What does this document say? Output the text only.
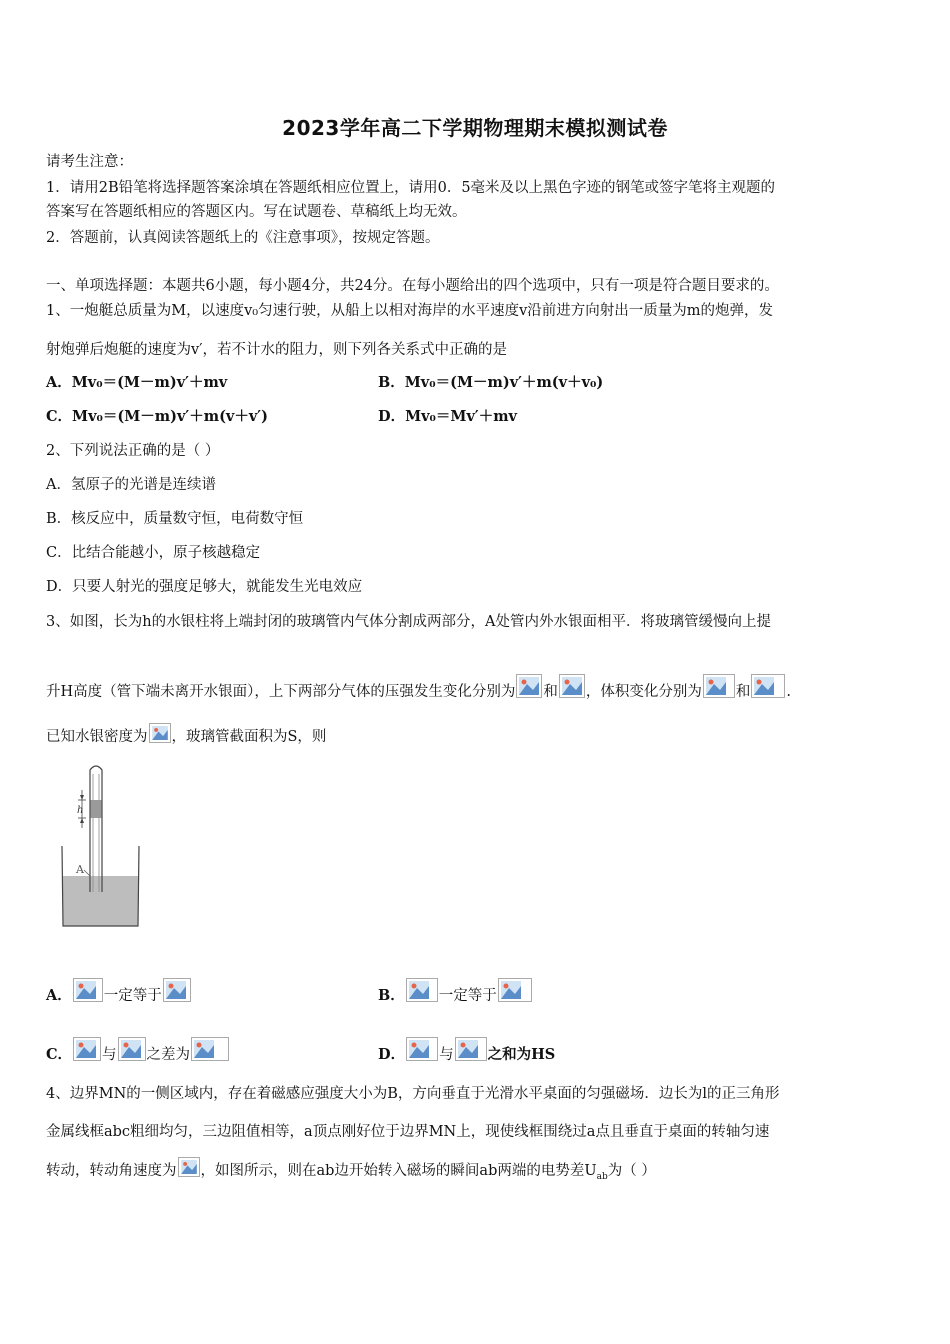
2023学年高二下学期物理期末模拟测试卷
请考生注意：
1．请用2B铅笔将选择题答案涂填在答题纸相应位置上，请用0．5毫米及以上黑色字迹的钢笔或签字笔将主观题的
答案写在答题纸相应的答题区内。写在试题卷、草稿纸上均无效。
2．答题前，认真阅读答题纸上的《注意事项》，按规定答题。
一、单项选择题：本题共6小题，每小题4分，共24分。在每小题给出的四个选项中，只有一项是符合题目要求的。
1、一炮艇总质量为M，以速度v₀匀速行驶，从船上以相对海岸的水平速度v沿前进方向射出一质量为m的炮弹，发
射炮弹后炮艇的速度为v′，若不计水的阻力，则下列各关系式中正确的是
A．Mv₀＝(M－m)v′＋mv	B．Mv₀＝(M－m)v′＋m(v＋v₀)
C．Mv₀＝(M－m)v′＋m(v＋v′)	D．Mv₀＝Mv′＋mv
2、下列说法正确的是（ ）
A．氢原子的光谱是连续谱
B．核反应中，质量数守恒，电荷数守恒
C．比结合能越小，原子核越稳定
D．只要人射光的强度足够大，就能发生光电效应
3、如图，长为h的水银柱将上端封闭的玻璃管内气体分割成两部分，A处管内外水银面相平．将玻璃管缓慢向上提
升H高度（管下端未离开水银面），上下两部分气体的压强发生变化分别为 和 ，体积变化分别为 和 .
已知水银密度为 ，玻璃管截面积为S，则
h
A
A． 一定等于	B． 一定等于
C． 与 之差为	D． 与 之和为HS
4、边界MN的一侧区域内，存在着磁感应强度大小为B，方向垂直于光滑水平桌面的匀强磁场．边长为l的正三角形
金属线框abc粗细均匀，三边阻值相等，a顶点刚好位于边界MN上，现使线框围绕过a点且垂直于桌面的转轴匀速
转动，转动角速度为 ，如图所示，则在ab边开始转入磁场的瞬间ab两端的电势差$U_{ab}$为（ ）
